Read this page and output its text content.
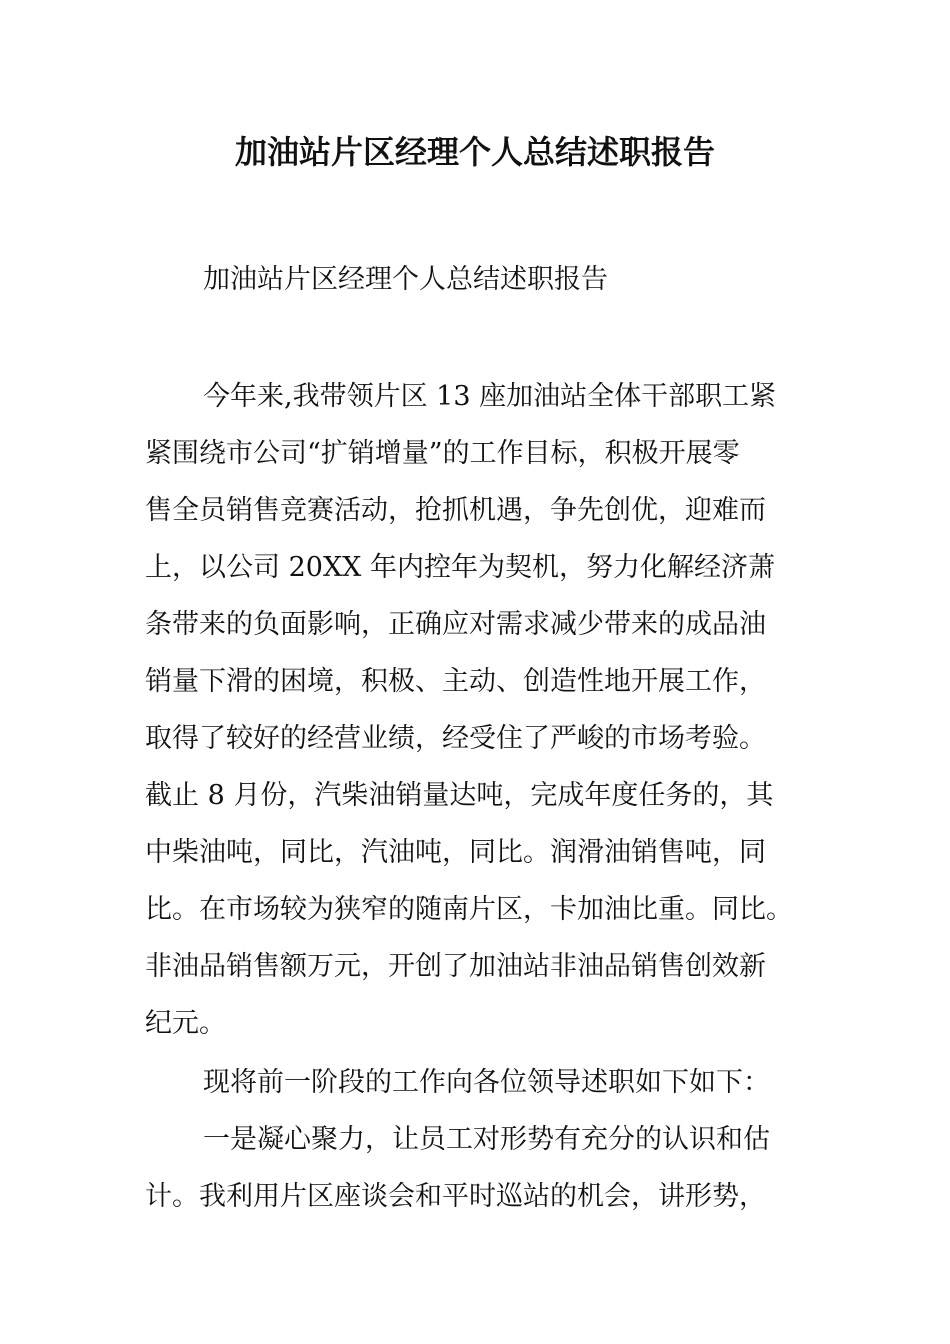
加油站片区经理个人总结述职报告

加油站片区经理个人总结述职报告

今年来,我带领片区 13 座加油站全体干部职工紧

紧围绕市公司“扩销增量”的工作目标，积极开展零

售全员销售竞赛活动，抢抓机遇，争先创优，迎难而

上，以公司 20XX 年内控年为契机，努力化解经济萧

条带来的负面影响，正确应对需求减少带来的成品油

销量下滑的困境，积极、主动、创造性地开展工作，

取得了较好的经营业绩，经受住了严峻的市场考验。

截止 8 月份，汽柴油销量达吨，完成年度任务的，其

中柴油吨，同比，汽油吨，同比。润滑油销售吨，同

比。在市场较为狭窄的随南片区，卡加油比重。同比。

非油品销售额万元，开创了加油站非油品销售创效新

纪元。

现将前一阶段的工作向各位领导述职如下如下：

一是凝心聚力，让员工对形势有充分的认识和估

计。我利用片区座谈会和平时巡站的机会，讲形势，
